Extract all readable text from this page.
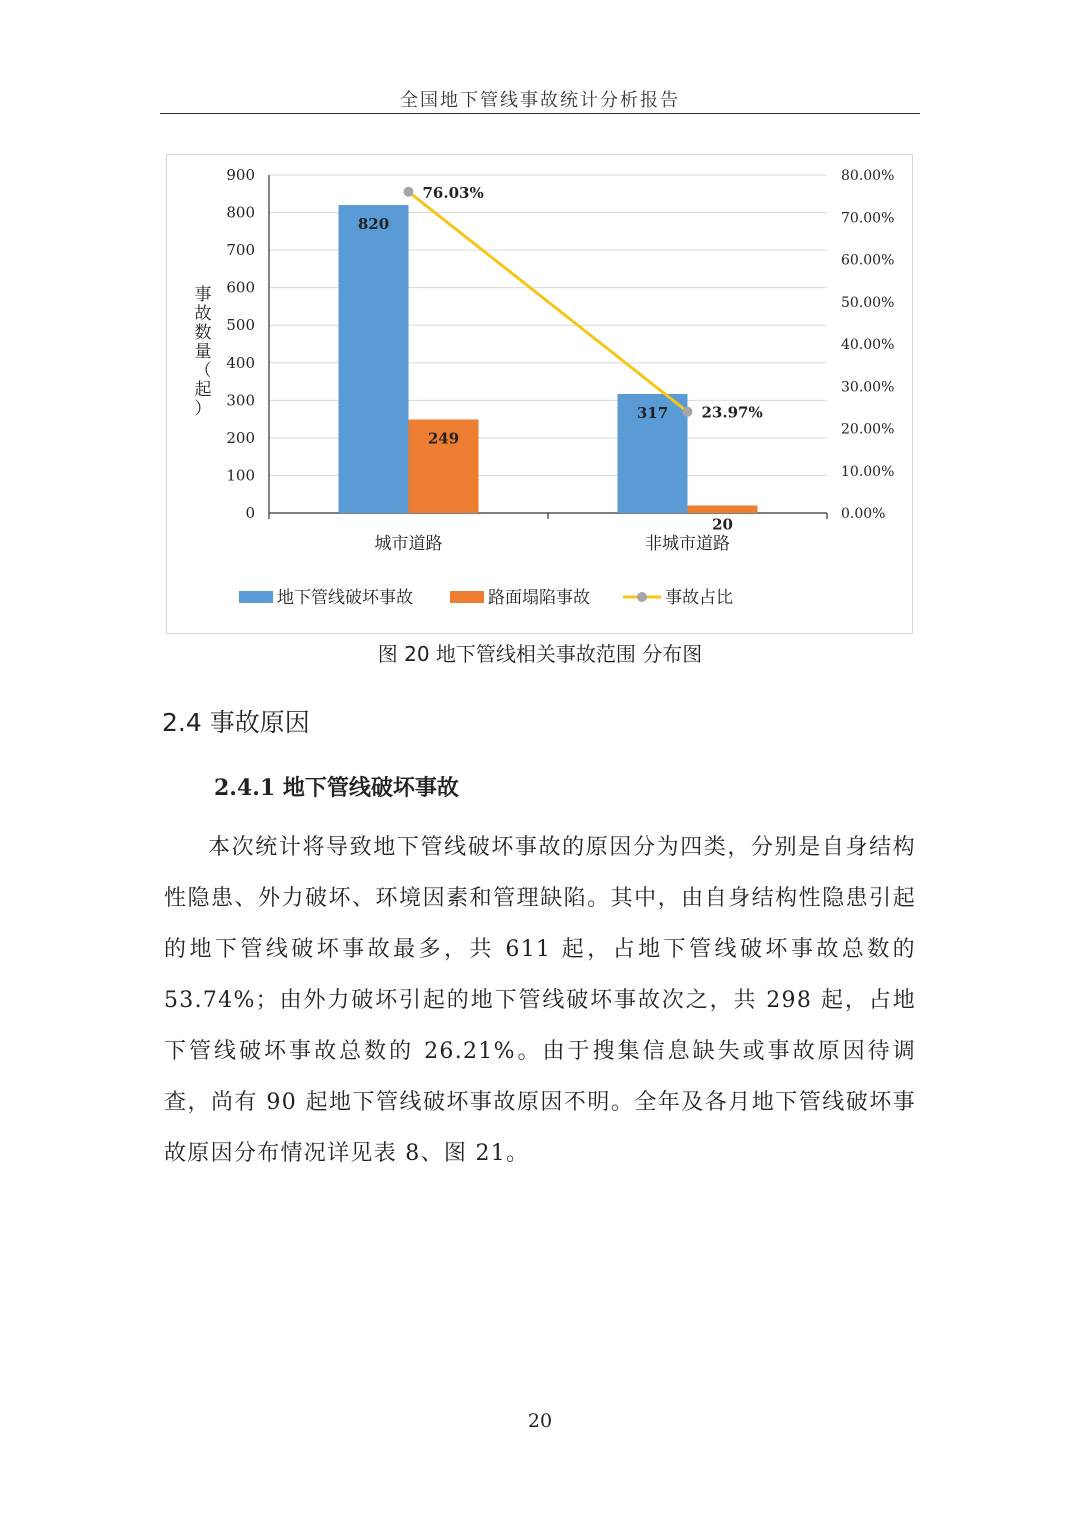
全国地下管线事故统计分析报告
0
100
200
300
400
500
600
700
800
900
0.00%
10.00%
20.00%
30.00%
40.00%
50.00%
60.00%
70.00%
80.00%
事
故
数
量
（
起
）
820
249
城市道路
317
20
非城市道路
76.03%
23.97%
地下管线破坏事故	路面塌陷事故	事故占比
图 20 地下管线相关事故范围 分布图
2.4 事故原因
2.4.1 地下管线破坏事故

本次统计将导致地下管线破坏事故的原因分为四类，分别是自身结构性隐患、外力破坏、环境因素和管理缺陷。其中，由自身结构性隐患引起的地下管线破坏事故最多，共 611 起，占地下管线破坏事故总数的 53.74%；由外力破坏引起的地下管线破坏事故次之，共 298 起，占地下管线破坏事故总数的 26.21%。由于搜集信息缺失或事故原因待调查，尚有 90 起地下管线破坏事故原因不明。全年及各月地下管线破坏事故原因分布情况详见表 8、图 21。

20
